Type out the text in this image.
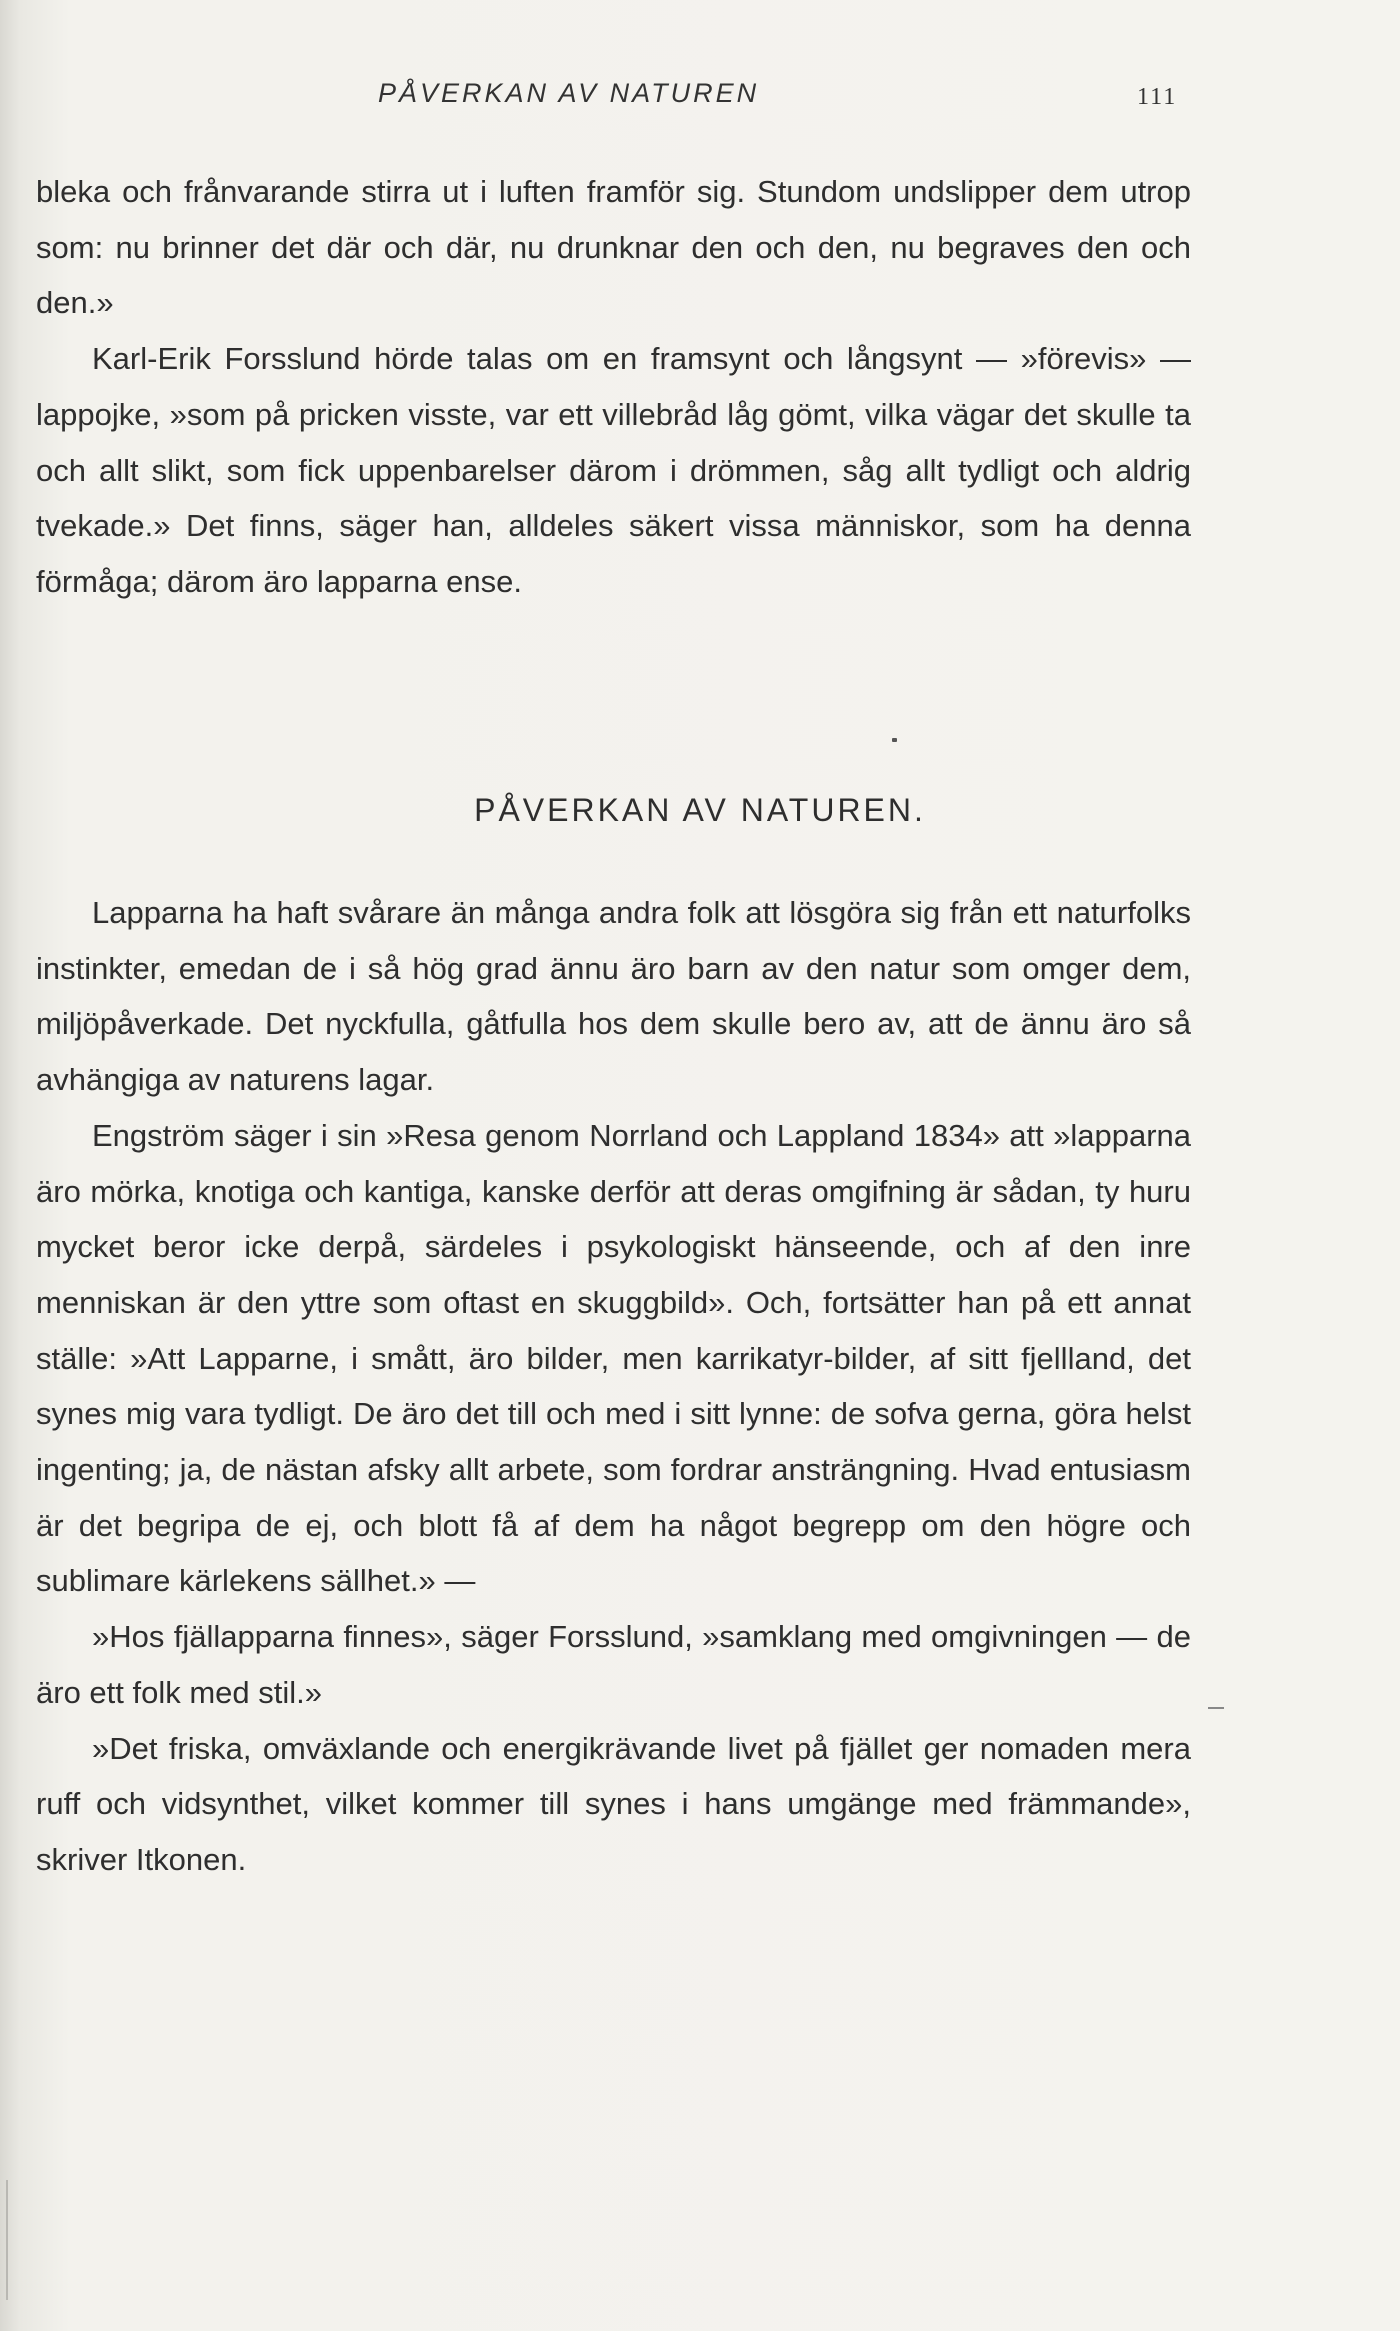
PÅVERKAN AV NATUREN	111

bleka och frånvarande stirra ut i luften framför sig. Stundom undslipper dem utrop som: nu brinner det där och där, nu drunknar den och den, nu begraves den och den.»

Karl-Erik Forsslund hörde talas om en framsynt och långsynt — »förevis» — lappojke, »som på pricken visste, var ett villebråd låg gömt, vilka vägar det skulle ta och allt slikt, som fick uppenbarelser därom i drömmen, såg allt tydligt och aldrig tvekade.» Det finns, säger han, alldeles säkert vissa människor, som ha denna förmåga; därom äro lapparna ense.

PÅVERKAN AV NATUREN.

Lapparna ha haft svårare än många andra folk att lösgöra sig från ett naturfolks instinkter, emedan de i så hög grad ännu äro barn av den natur som omger dem, miljöpåverkade. Det nyckfulla, gåtfulla hos dem skulle bero av, att de ännu äro så avhängiga av naturens lagar.

Engström säger i sin »Resa genom Norrland och Lappland 1834» att »lapparna äro mörka, knotiga och kantiga, kanske derför att deras omgifning är sådan, ty huru mycket beror icke derpå, särdeles i psykologiskt hänseende, och af den inre menniskan är den yttre som oftast en skuggbild». Och, fortsätter han på ett annat ställe: »Att Lapparne, i smått, äro bilder, men karrikatyr-bilder, af sitt fjellland, det synes mig vara tydligt. De äro det till och med i sitt lynne: de sofva gerna, göra helst ingenting; ja, de nästan afsky allt arbete, som fordrar ansträngning. Hvad entusiasm är det begripa de ej, och blott få af dem ha något begrepp om den högre och sublimare kärlekens sällhet.» —

»Hos fjällapparna finnes», säger Forsslund, »samklang med omgivningen — de äro ett folk med stil.»

»Det friska, omväxlande och energikrävande livet på fjället ger nomaden mera ruff och vidsynthet, vilket kommer till synes i hans umgänge med främmande», skriver Itkonen.
